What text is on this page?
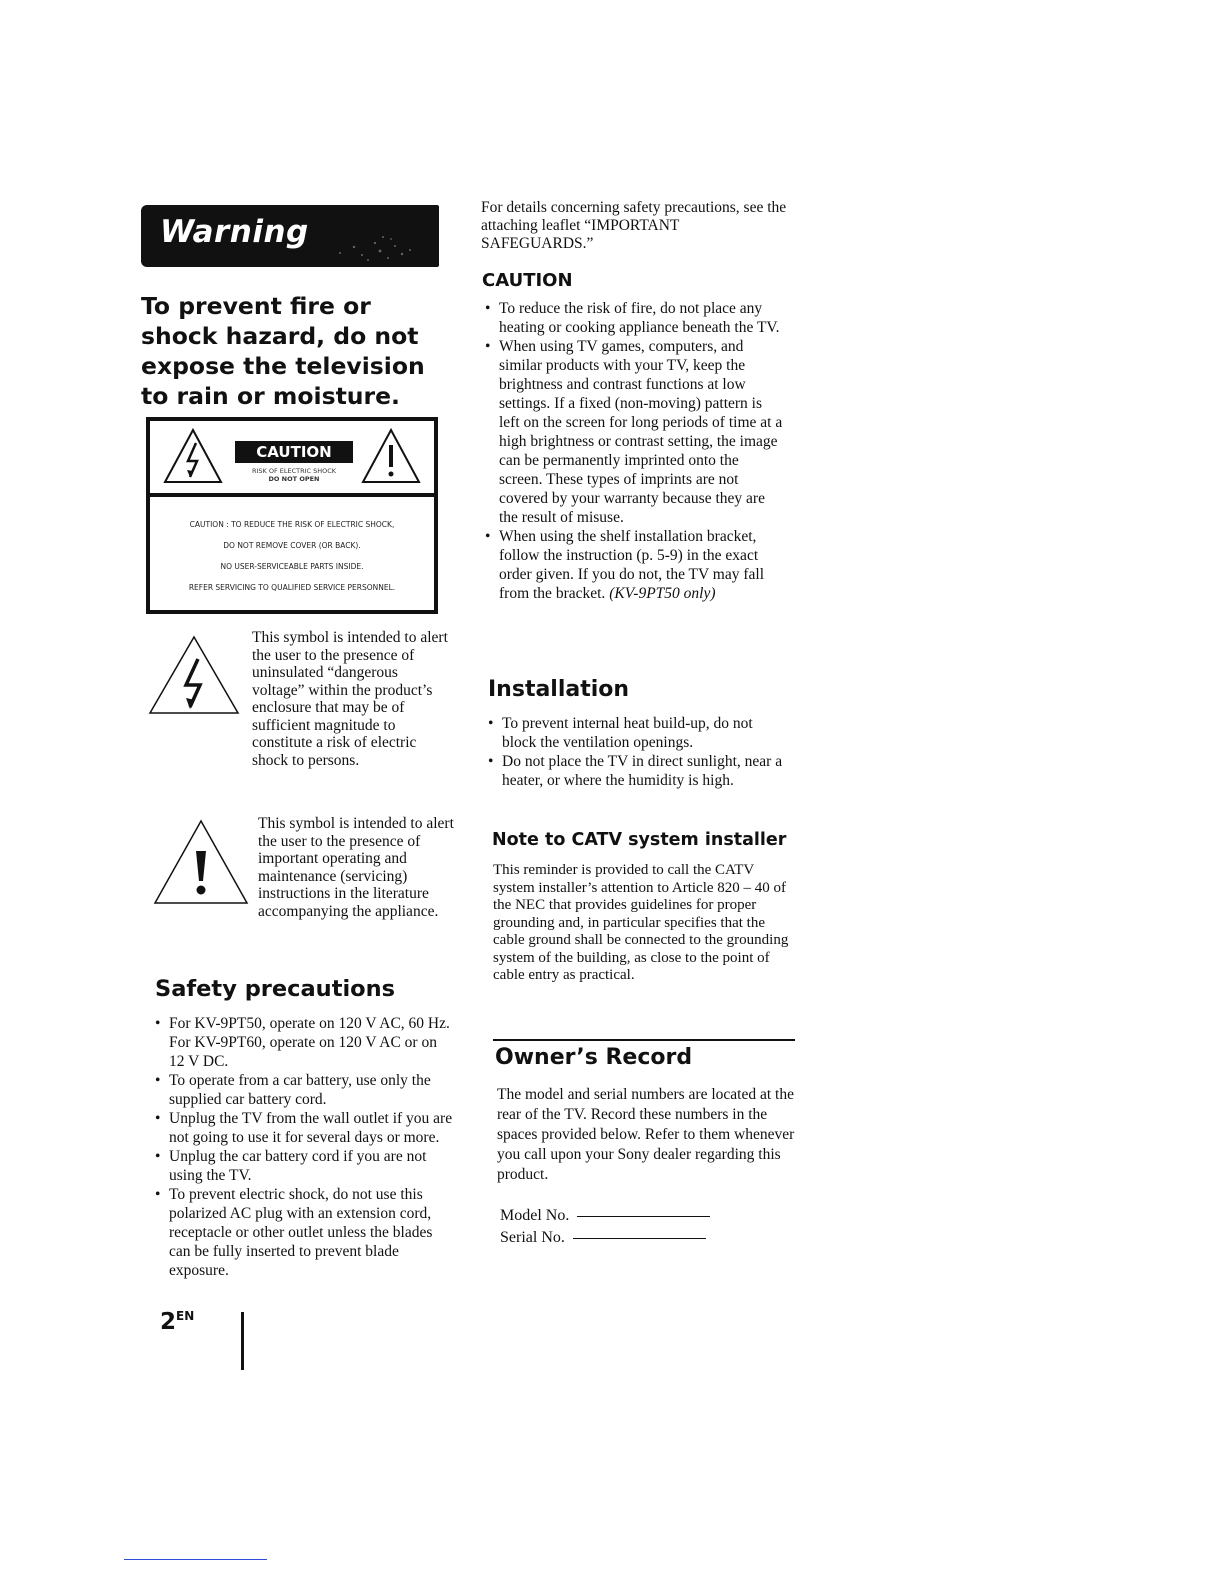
Warning
To prevent fire or shock hazard, do not expose the television to rain or moisture.
CAUTION
RISK OF ELECTRIC SHOCK
DO NOT OPEN
CAUTION : TO REDUCE THE RISK OF ELECTRIC SHOCK,
DO NOT REMOVE COVER (OR BACK).
NO USER-SERVICEABLE PARTS INSIDE.
REFER SERVICING TO QUALIFIED SERVICE PERSONNEL.

This symbol is intended to alert the user to the presence of uninsulated “dangerous voltage” within the product’s enclosure that may be of sufficient magnitude to constitute a risk of electric shock to persons.

This symbol is intended to alert the user to the presence of important operating and maintenance (servicing) instructions in the literature accompanying the appliance.

Safety precautions
• For KV-9PT50, operate on 120 V AC, 60 Hz. For KV-9PT60, operate on 120 V AC or on 12 V DC.
• To operate from a car battery, use only the supplied car battery cord.
• Unplug the TV from the wall outlet if you are not going to use it for several days or more.
• Unplug the car battery cord if you are not using the TV.
• To prevent electric shock, do not use this polarized AC plug with an extension cord, receptacle or other outlet unless the blades can be fully inserted to prevent blade exposure.
$2^{EN}$

For details concerning safety precautions, see the attaching leaflet “IMPORTANT SAFEGUARDS.”

CAUTION
• To reduce the risk of fire, do not place any heating or cooking appliance beneath the TV.
• When using TV games, computers, and similar products with your TV, keep the brightness and contrast functions at low settings. If a fixed (non-moving) pattern is left on the screen for long periods of time at a high brightness or contrast setting, the image can be permanently imprinted onto the screen. These types of imprints are not covered by your warranty because they are the result of misuse.
• When using the shelf installation bracket, follow the instruction (p. 5-9) in the exact order given. If you do not, the TV may fall from the bracket. (KV-9PT50 only)
Installation
• To prevent internal heat build-up, do not block the ventilation openings.
• Do not place the TV in direct sunlight, near a heater, or where the humidity is high.
Note to CATV system installer

This reminder is provided to call the CATV system installer’s attention to Article 820 – 40 of the NEC that provides guidelines for proper grounding and, in particular specifies that the cable ground shall be connected to the grounding system of the building, as close to the point of cable entry as practical.

Owner’s Record

The model and serial numbers are located at the rear of the TV. Record these numbers in the spaces provided below. Refer to them whenever you call upon your Sony dealer regarding this product.

Model No.
Serial No.
